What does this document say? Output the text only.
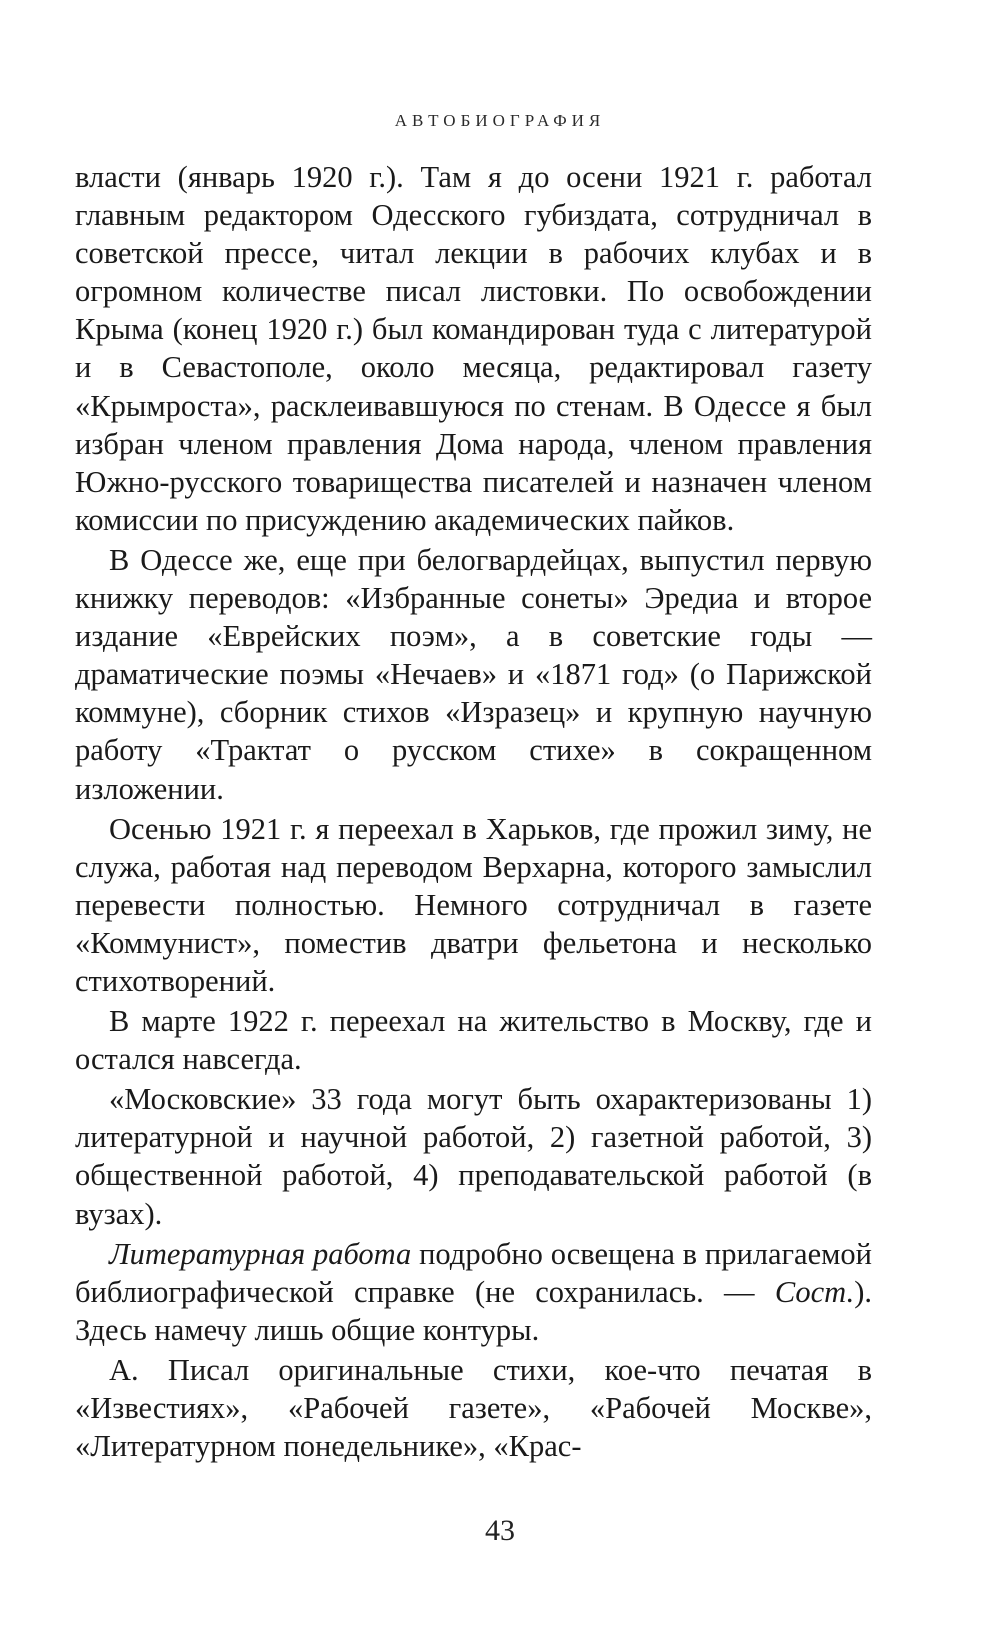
АВТОБИОГРАФИЯ

власти (январь 1920 г.). Там я до осени 1921 г. работал главным редактором Одесского губиздата, сотрудничал в советской прессе, читал лекции в рабочих клубах и в огромном количестве писал листовки. По освобождении Крыма (конец 1920 г.) был командирован туда с литературой и в Севастополе, около месяца, редактировал газету «Крымроста», расклеивавшуюся по стенам. В Одессе я был избран членом правления Дома народа, членом правления Южно-русского товарищества писателей и назначен членом комиссии по присуждению академических пайков.

В Одессе же, еще при белогвардейцах, выпустил первую книжку переводов: «Избранные сонеты» Эредиа и второе издание «Еврейских поэм», а в советские годы — драматические поэмы «Нечаев» и «1871 год» (о Парижской коммуне), сборник стихов «Изразец» и крупную научную работу «Трактат о русском стихе» в сокращенном изложении.

Осенью 1921 г. я переехал в Харьков, где прожил зиму, не служа, работая над переводом Верхарна, которого замыслил перевести полностью. Немного сотрудничал в газете «Коммунист», поместив дватри фельетона и несколько стихотворений.

В марте 1922 г. переехал на жительство в Москву, где и остался навсегда.

«Московские» 33 года могут быть охарактеризованы 1) литературной и научной работой, 2) газетной работой, 3) общественной работой, 4) преподавательской работой (в вузах).

Литературная работа подробно освещена в прилагаемой библиографической справке (не сохранилась. — Сост.). Здесь намечу лишь общие контуры.

А. Писал оригинальные стихи, кое-что печатая в «Известиях», «Рабочей газете», «Рабочей Москве», «Литературном понедельнике», «Крас-

43
